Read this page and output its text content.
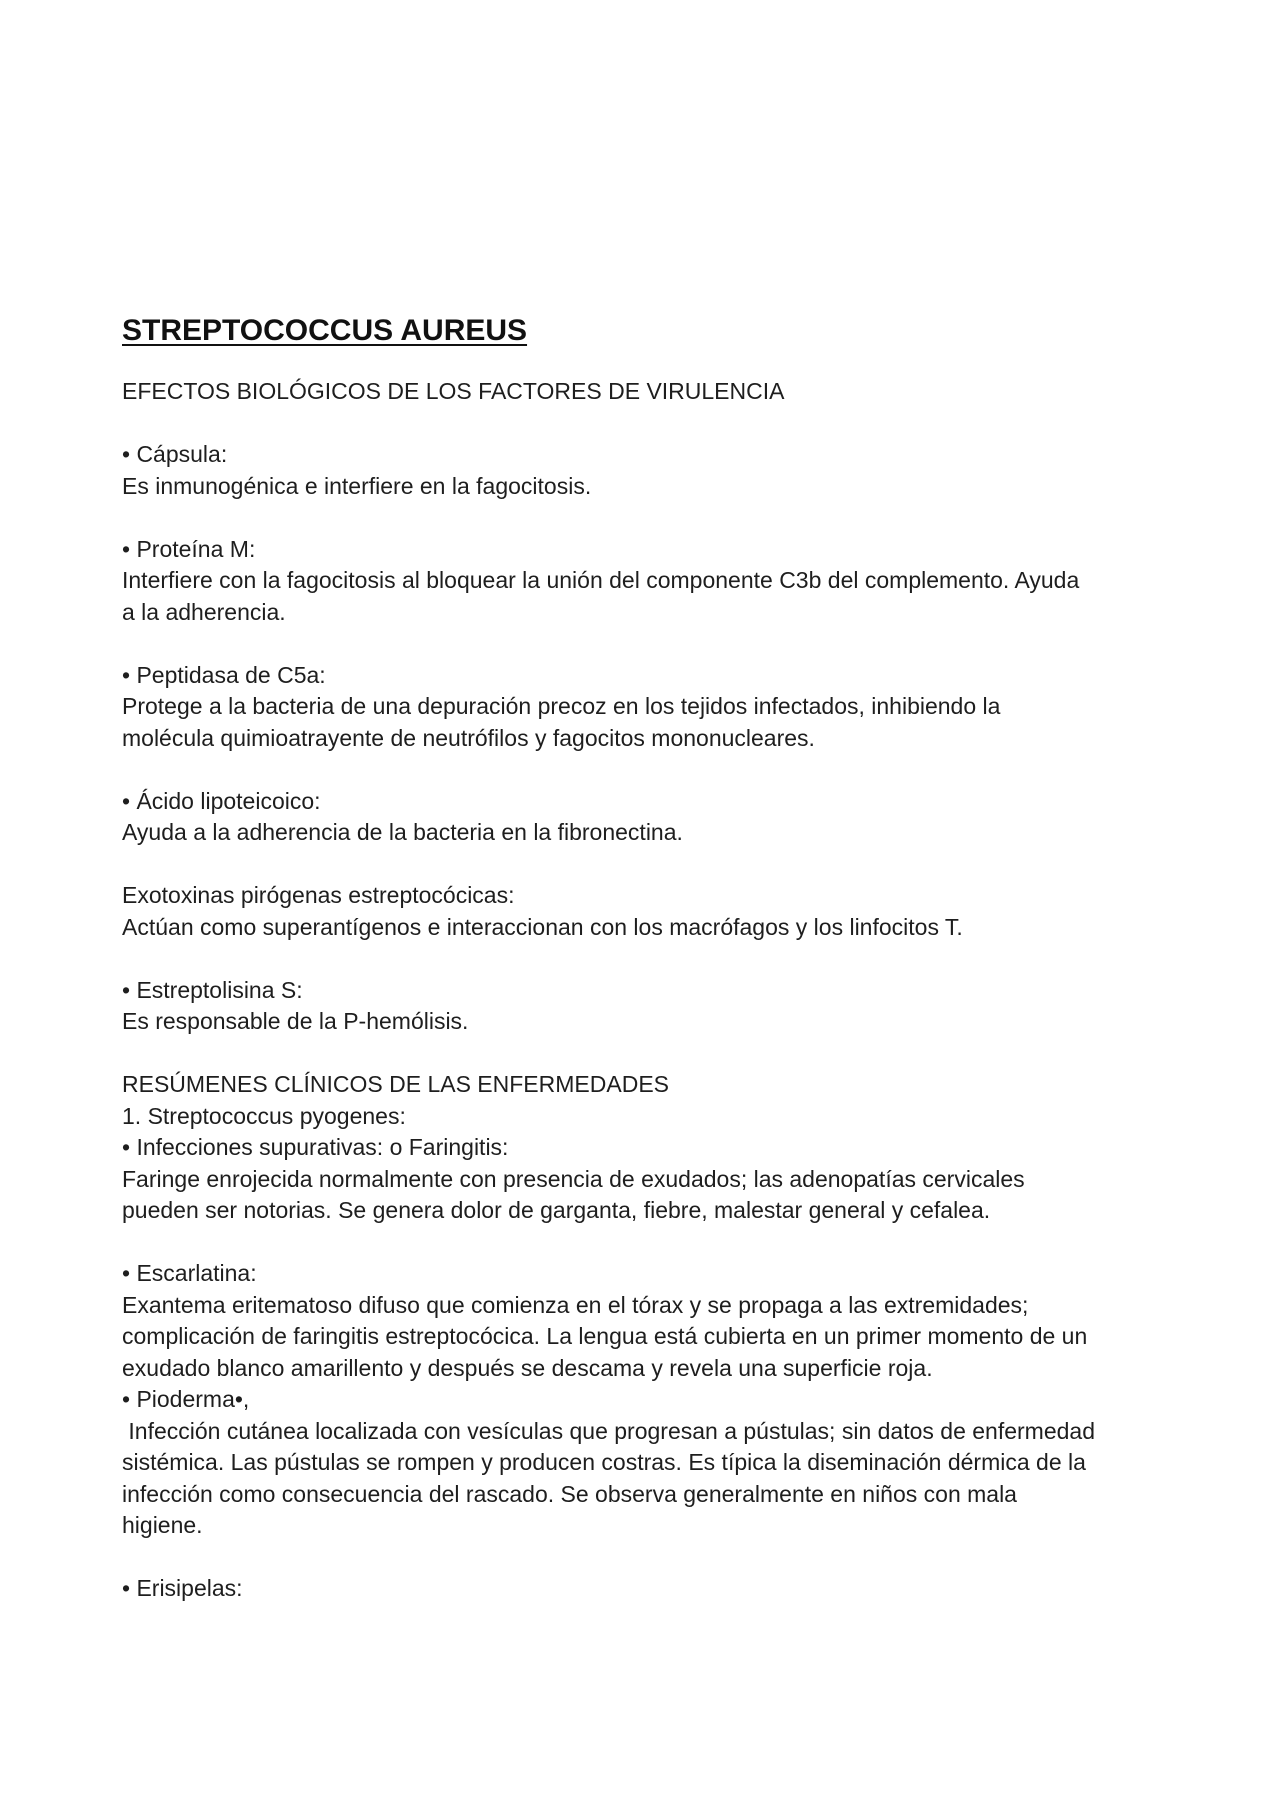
STREPTOCOCCUS AUREUS
EFECTOS BIOLÓGICOS DE LOS FACTORES DE VIRULENCIA
• Cápsula:
Es inmunogénica e interfiere en la fagocitosis.
• Proteína M:
Interfiere con la fagocitosis al bloquear la unión del componente C3b del complemento. Ayuda
a la adherencia.
• Peptidasa de C5a:
Protege a la bacteria de una depuración precoz en los tejidos infectados, inhibiendo la
molécula quimioatrayente de neutrófilos y fagocitos mononucleares.
• Ácido lipoteicoico:
Ayuda a la adherencia de la bacteria en la fibronectina.
Exotoxinas pirógenas estreptocócicas:
Actúan como superantígenos e interaccionan con los macrófagos y los linfocitos T.
• Estreptolisina S:
Es responsable de la P-hemólisis.
RESÚMENES CLÍNICOS DE LAS ENFERMEDADES
1. Streptococcus pyogenes:
• Infecciones supurativas: o Faringitis:
Faringe enrojecida normalmente con presencia de exudados; las adenopatías cervicales
pueden ser notorias. Se genera dolor de garganta, fiebre, malestar general y cefalea.
• Escarlatina:
Exantema eritematoso difuso que comienza en el tórax y se propaga a las extremidades;
complicación de faringitis estreptocócica. La lengua está cubierta en un primer momento de un
exudado blanco amarillento y después se descama y revela una superficie roja.
• Pioderma•,
Infección cutánea localizada con vesículas que progresan a pústulas; sin datos de enfermedad
sistémica. Las pústulas se rompen y producen costras. Es típica la diseminación dérmica de la
infección como consecuencia del rascado. Se observa generalmente en niños con mala
higiene.
• Erisipelas:
